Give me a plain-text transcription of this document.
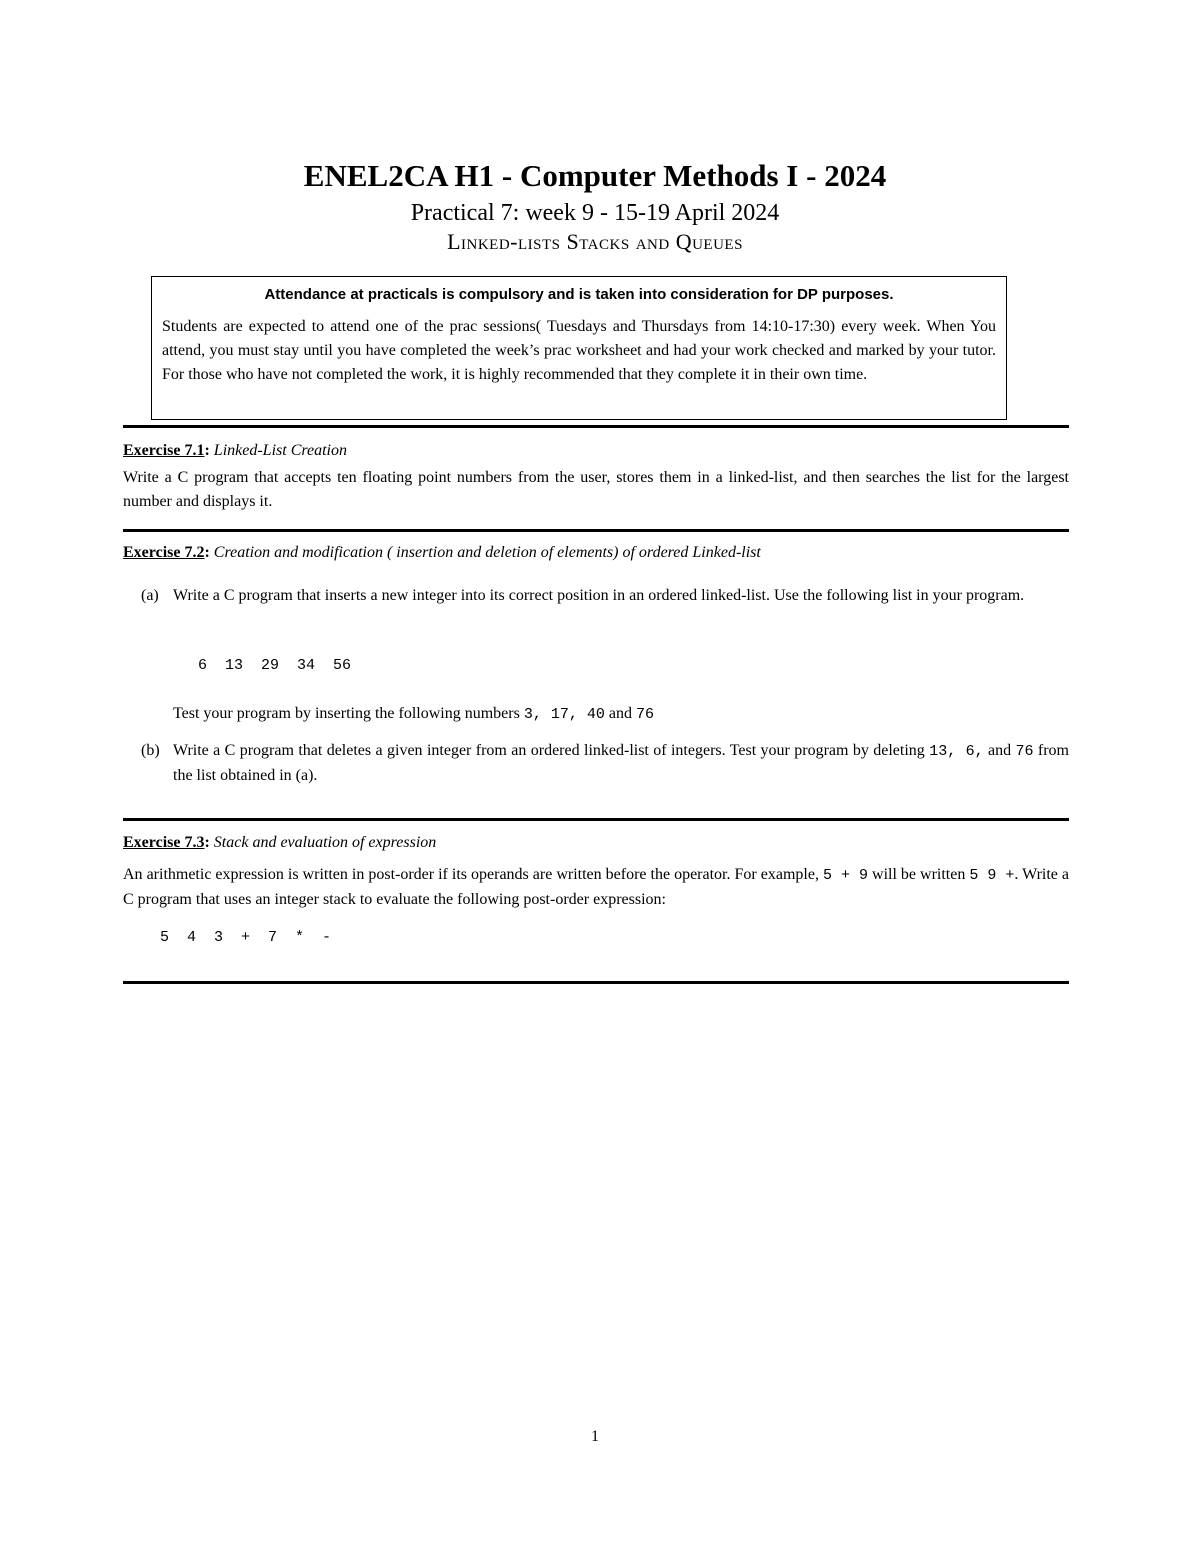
ENEL2CA H1 - Computer Methods I - 2024
Practical 7: week 9 - 15-19 April 2024
Linked-lists Stacks and Queues
Attendance at practicals is compulsory and is taken into consideration for DP purposes.
Students are expected to attend one of the prac sessions( Tuesdays and Thursdays from 14:10-17:30) every week. When You attend, you must stay until you have completed the week’s prac worksheet and had your work checked and marked by your tutor. For those who have not completed the work, it is highly recommended that they complete it in their own time.
Exercise 7.1: Linked-List Creation
Write a C program that accepts ten floating point numbers from the user, stores them in a linked-list, and then searches the list for the largest number and displays it.
Exercise 7.2: Creation and modification ( insertion and deletion of elements) of ordered Linked-list
(a) Write a C program that inserts a new integer into its correct position in an ordered linked-list. Use the following list in your program.
6  13  29  34  56
Test your program by inserting the following numbers 3, 17, 40 and 76
(b) Write a C program that deletes a given integer from an ordered linked-list of integers. Test your program by deleting 13, 6, and 76 from the list obtained in (a).
Exercise 7.3: Stack and evaluation of expression
An arithmetic expression is written in post-order if its operands are written before the operator. For example, 5 + 9 will be written 5 9 +. Write a C program that uses an integer stack to evaluate the following post-order expression:
5  4  3  +  7  *  -
1
